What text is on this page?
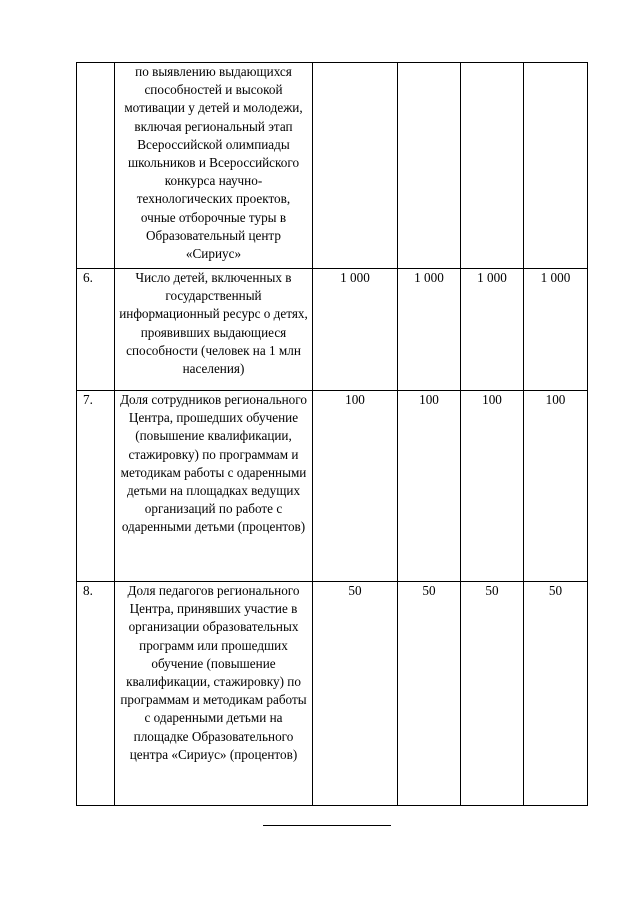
	по выявлению выдающихся способностей и высокой мотивации у детей и молодежи, включая региональный этап Всероссийской олимпиады школьников и Всероссийского конкурса научно-технологических проектов, очные отборочные туры в Образовательный центр «Сириус»				
6.	Число детей, включенных в государственный информационный ресурс о детях, проявивших выдающиеся способности (человек на 1 млн населения)	1 000	1 000	1 000	1 000
7.	Доля сотрудников регионального Центра, прошедших обучение (повышение квалификации, стажировку) по программам и методикам работы с одаренными детьми на площадках ведущих организаций по работе с одаренными детьми (процентов)	100	100	100	100
8.	Доля педагогов регионального Центра, принявших участие в организации образовательных программ или прошедших обучение (повышение квалификации, стажировку) по программам и методикам работы с одаренными детьми на площадке Образовательного центра «Сириус» (процентов)	50	50	50	50
